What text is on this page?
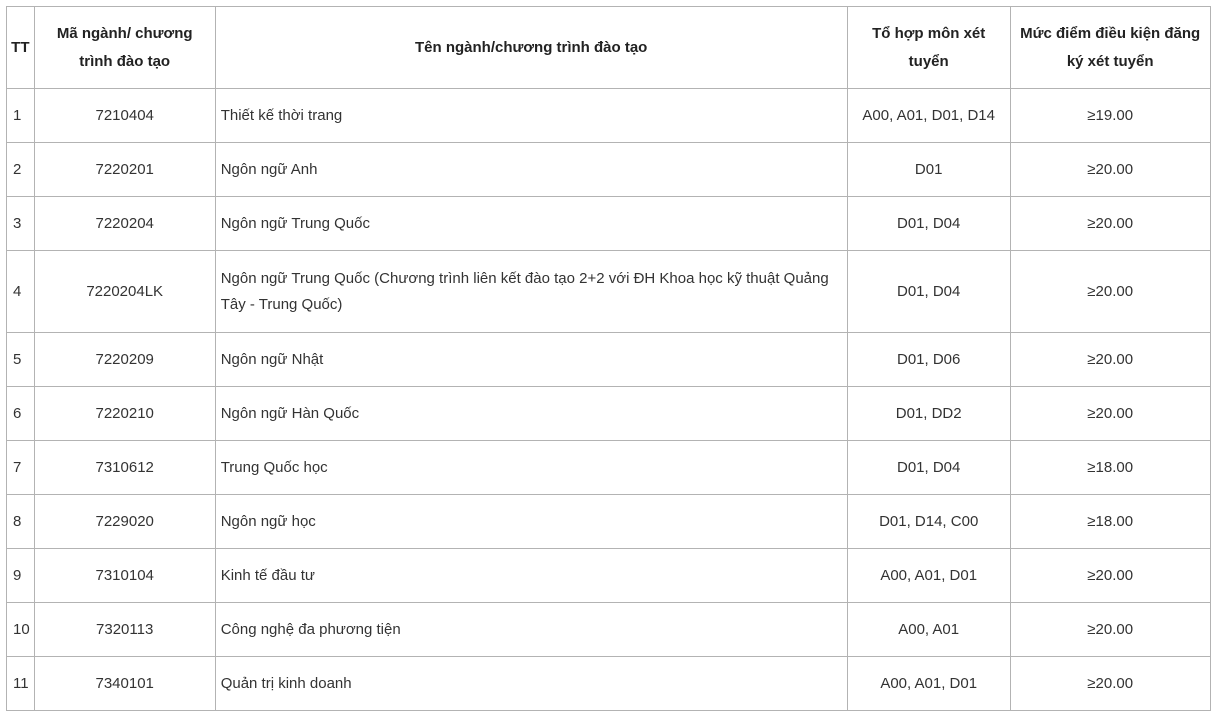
TT	Mã ngành/ chương trình đào tạo	Tên ngành/chương trình đào tạo	Tổ hợp môn xét tuyển	Mức điểm điều kiện đăng ký xét tuyển
1	7210404	Thiết kế thời trang	A00, A01, D01, D14	≥19.00
2	7220201	Ngôn ngữ Anh	D01	≥20.00
3	7220204	Ngôn ngữ Trung Quốc	D01, D04	≥20.00
4	7220204LK	Ngôn ngữ Trung Quốc (Chương trình liên kết đào tạo 2+2 với ĐH Khoa học kỹ thuật Quảng Tây - Trung Quốc)	D01, D04	≥20.00
5	7220209	Ngôn ngữ Nhật	D01, D06	≥20.00
6	7220210	Ngôn ngữ Hàn Quốc	D01, DD2	≥20.00
7	7310612	Trung Quốc học	D01, D04	≥18.00
8	7229020	Ngôn ngữ học	D01, D14, C00	≥18.00
9	7310104	Kinh tế đầu tư	A00, A01, D01	≥20.00
10	7320113	Công nghệ đa phương tiện	A00, A01	≥20.00
11	7340101	Quản trị kinh doanh	A00, A01, D01	≥20.00
